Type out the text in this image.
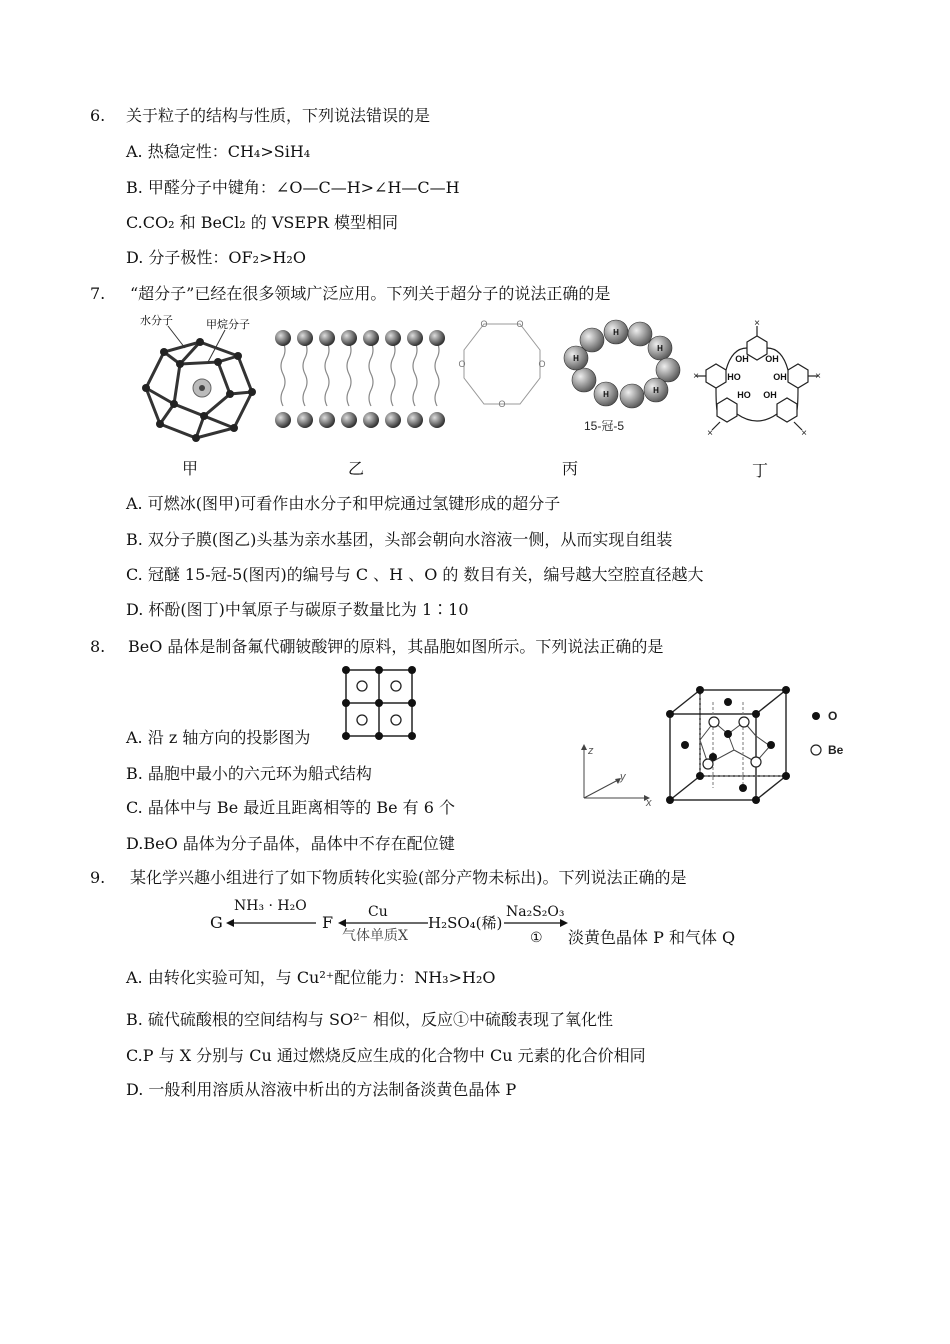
6. 关于粒子的结构与性质，下列说法错误的是
A. 热稳定性：CH₄>SiH₄
B. 甲醛分子中键角：∠O—C—H>∠H—C—H
C.CO₂ 和 BeCl₂ 的 VSEPR 模型相同
D. 分子极性：OF₂>H₂O
7. “超分子”已经在很多领域广泛应用。下列关于超分子的说法正确的是
水分子	甲烷分子
甲	乙
O	O
O
O
O
H
H
H
H
H
15-冠-5
丙
OH OH
HO	OH
HO OH
×
×	×
×	×
丁
A. 可燃冰(图甲)可看作由水分子和甲烷通过氢键形成的超分子
B. 双分子膜(图乙)头基为亲水基团，头部会朝向水溶液一侧，从而实现自组装
C. 冠醚 15-冠-5(图丙)的编号与 C 、H 、O 的 数目有关，编号越大空腔直径越大
D. 杯酚(图丁)中氧原子与碳原子数量比为 1∶10
8. BeO 晶体是制备氟代硼铍酸钾的原料，其晶胞如图所示。下列说法正确的是
A. 沿 z 轴方向的投影图为
B. 晶胞中最小的六元环为船式结构
C. 晶体中与 Be 最近且距离相等的 Be 有 6 个
D.BeO 晶体为分子晶体，晶体中不存在配位键
z
y
x
O
Be
9. 某化学兴趣小组进行了如下物质转化实验(部分产物未标出)。下列说法正确的是
G
NH₃ · H₂O
F
Cu
气体单质X
H₂SO₄(稀)
Na₂S₂O₃
① 淡黄色晶体 P 和气体 Q
A. 由转化实验可知，与 Cu²⁺配位能力：NH₃>H₂O
B. 硫代硫酸根的空间结构与 SO²⁻ 相似，反应①中硫酸表现了氧化性
C.P 与 X 分别与 Cu 通过燃烧反应生成的化合物中 Cu 元素的化合价相同
D. 一般利用溶质从溶液中析出的方法制备淡黄色晶体 P
